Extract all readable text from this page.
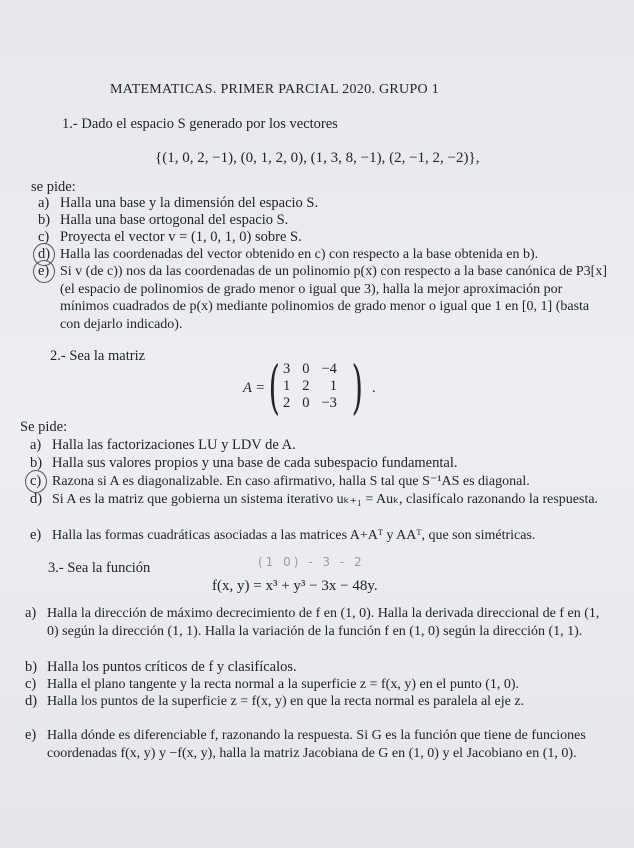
MATEMATICAS. PRIMER PARCIAL 2020. GRUPO 1
1.- Dado el espacio S generado por los vectores
{(1, 0, 2, −1), (0, 1, 2, 0), (1, 3, 8, −1), (2, −1, 2, −2)},
se pide:
a) Halla una base y la dimensión del espacio S.
b) Halla una base ortogonal del espacio S.
c) Proyecta el vector v = (1, 0, 1, 0) sobre S.
d) Halla las coordenadas del vector obtenido en c) con respecto a la base obtenida en b).
e) Si v (de c)) nos da las coordenadas de un polinomio p(x) con respecto a la base canónica de P3[x] (el espacio de polinomios de grado menor o igual que 3), halla la mejor aproximación por mínimos cuadrados de p(x) mediante polinomios de grado menor o igual que 1 en [0, 1] (basta con dejarlo indicado).
2.- Sea la matriz
A = ( 3	0	−4
1	2	1
2	0	−3 ) .
Se pide:
a) Halla las factorizaciones LU y LDV de A.
b) Halla sus valores propios y una base de cada subespacio fundamental.
c) Razona si A es diagonalizable. En caso afirmativo, halla S tal que S⁻¹AS es diagonal.
d) Si A es la matriz que gobierna un sistema iterativo uₖ₊₁ = Auₖ, clasifícalo razonando la respuesta.
e) Halla las formas cuadráticas asociadas a las matrices A+Aᵀ y AAᵀ, que son simétricas.
3.- Sea la función	(1 0) - 3 - 2
f(x, y) = x³ + y³ − 3x − 48y.
a) Halla la dirección de máximo decrecimiento de f en (1, 0). Halla la derivada direccional de f en (1, 0) según la dirección (1, 1). Halla la variación de la función f en (1, 0) según la dirección (1, 1).
b) Halla los puntos críticos de f y clasifícalos.
c) Halla el plano tangente y la recta normal a la superficie z = f(x, y) en el punto (1, 0).
d) Halla los puntos de la superficie z = f(x, y) en que la recta normal es paralela al eje z.
e) Halla dónde es diferenciable f, razonando la respuesta. Si G es la función que tiene de funciones coordenadas f(x, y) y −f(x, y), halla la matriz Jacobiana de G en (1, 0) y el Jacobiano en (1, 0).
